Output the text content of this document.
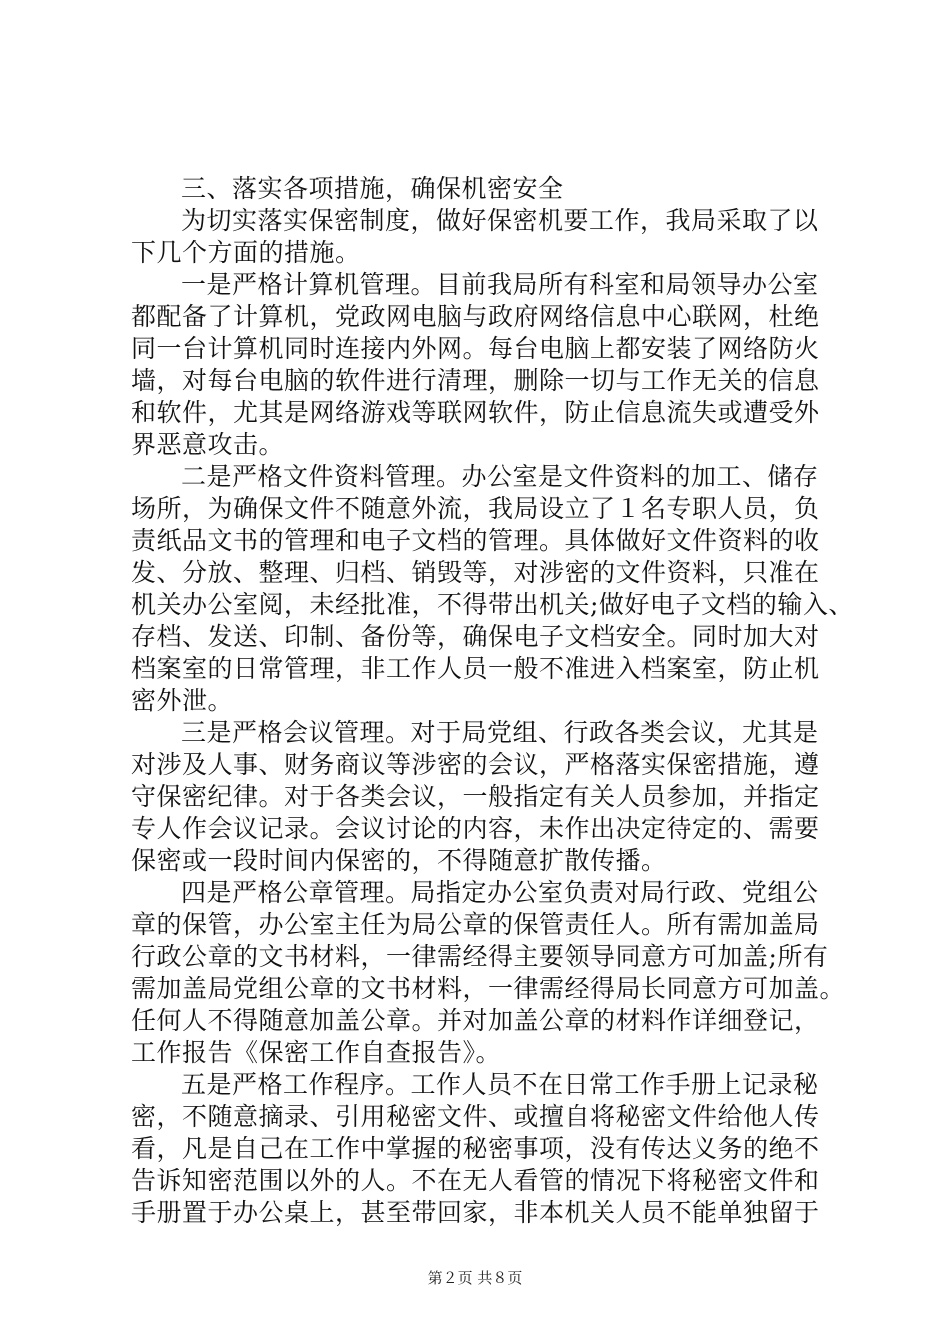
三、落实各项措施，确保机密安全
为切实落实保密制度，做好保密机要工作，我局采取了以
下几个方面的措施。
一是严格计算机管理。目前我局所有科室和局领导办公室
都配备了计算机，党政网电脑与政府网络信息中心联网，杜绝
同一台计算机同时连接内外网。每台电脑上都安装了网络防火
墙，对每台电脑的软件进行清理，删除一切与工作无关的信息
和软件，尤其是网络游戏等联网软件，防止信息流失或遭受外
界恶意攻击。
二是严格文件资料管理。办公室是文件资料的加工、储存
场所，为确保文件不随意外流，我局设立了１名专职人员，负
责纸品文书的管理和电子文档的管理。具体做好文件资料的收
发、分放、整理、归档、销毁等，对涉密的文件资料，只准在
机关办公室阅，未经批准，不得带出机关;做好电子文档的输入、
存档、发送、印制、备份等，确保电子文档安全。同时加大对
档案室的日常管理，非工作人员一般不准进入档案室，防止机
密外泄。
三是严格会议管理。对于局党组、行政各类会议，尤其是
对涉及人事、财务商议等涉密的会议，严格落实保密措施，遵
守保密纪律。对于各类会议，一般指定有关人员参加，并指定
专人作会议记录。会议讨论的内容，未作出决定待定的、需要
保密或一段时间内保密的，不得随意扩散传播。
四是严格公章管理。局指定办公室负责对局行政、党组公
章的保管，办公室主任为局公章的保管责任人。所有需加盖局
行政公章的文书材料，一律需经得主要领导同意方可加盖;所有
需加盖局党组公章的文书材料，一律需经得局长同意方可加盖。
任何人不得随意加盖公章。并对加盖公章的材料作详细登记，
工作报告《保密工作自查报告》。
五是严格工作程序。工作人员不在日常工作手册上记录秘
密，不随意摘录、引用秘密文件、或擅自将秘密文件给他人传
看，凡是自己在工作中掌握的秘密事项，没有传达义务的绝不
告诉知密范围以外的人。不在无人看管的情况下将秘密文件和
手册置于办公桌上，甚至带回家，非本机关人员不能单独留于
第２页 共８页
